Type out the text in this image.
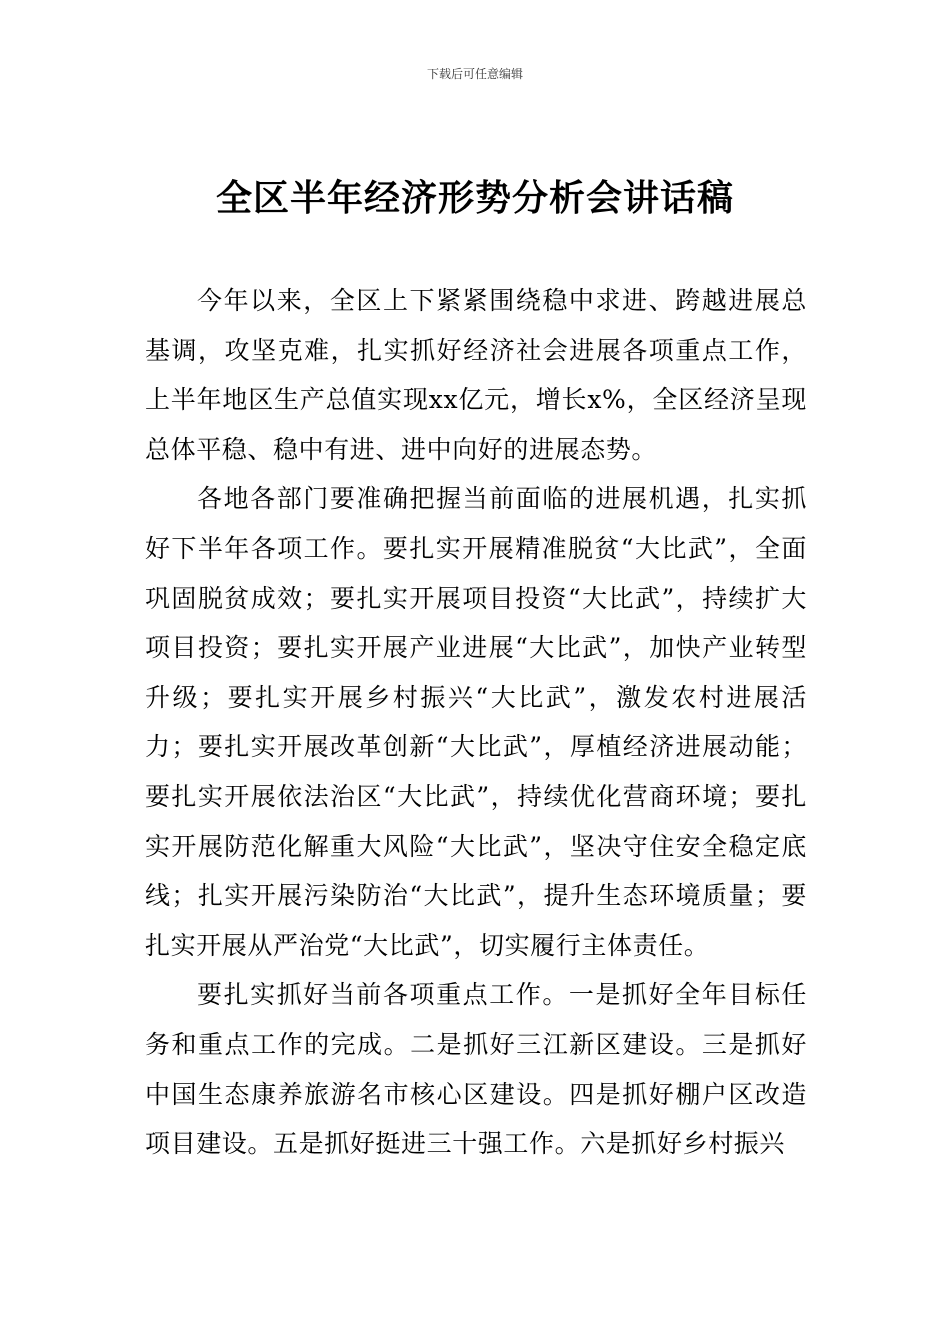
下载后可任意编辑
全区半年经济形势分析会讲话稿

今年以来，全区上下紧紧围绕稳中求进、跨越进展总基调，攻坚克难，扎实抓好经济社会进展各项重点工作，上半年地区生产总值实现xx亿元，增长x%，全区经济呈现总体平稳、稳中有进、进中向好的进展态势。

各地各部门要准确把握当前面临的进展机遇，扎实抓好下半年各项工作。要扎实开展精准脱贫“大比武”，全面巩固脱贫成效；要扎实开展项目投资“大比武”，持续扩大项目投资；要扎实开展产业进展“大比武”，加快产业转型升级；要扎实开展乡村振兴“大比武”，激发农村进展活力；要扎实开展改革创新“大比武”，厚植经济进展动能；要扎实开展依法治区“大比武”，持续优化营商环境；要扎实开展防范化解重大风险“大比武”，坚决守住安全稳定底线；扎实开展污染防治“大比武”，提升生态环境质量；要扎实开展从严治党“大比武”，切实履行主体责任。

要扎实抓好当前各项重点工作。一是抓好全年目标任务和重点工作的完成。二是抓好三江新区建设。三是抓好中国生态康养旅游名市核心区建设。四是抓好棚户区改造项目建设。五是抓好挺进三十强工作。六是抓好乡村振兴
